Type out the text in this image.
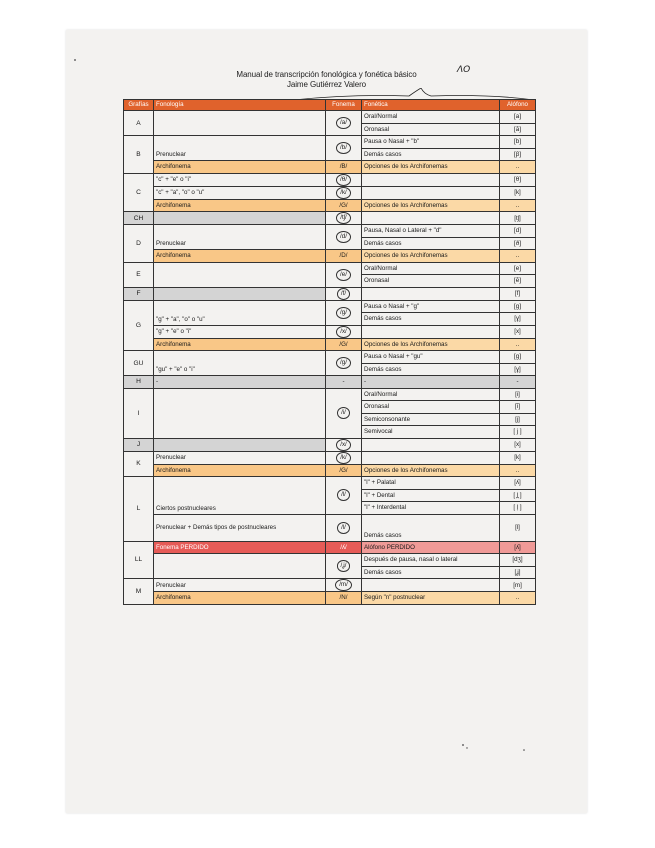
Manual de transcripción fonológica y fonética básico
Jaime Gutiérrez Valero
ΛΟ
Grafías	Fonología	Fonema	Fonética	Alófono
A		/a/	Oral/Normal	[a]
			Oronasal	[ã]
B	Prenuclear	/b/	Pausa o Nasal + "b"	[b]
			Demás casos	[β]
	Archifonema	/B/	Opciones de los Archifonemas	..
C	"c" + "e" o "i"	/θ/		[θ]
	"c" + "a", "o" o "u"	/k/		[k]
	Archifonema	/G/	Opciones de los Archifonemas	..
CH		/tʃ/		[tʃ]
D	Prenuclear	/d/	Pausa, Nasal o Lateral + "d"	[d]
			Demás casos	[ð]
	Archifonema	/D/	Opciones de los Archifonemas	..
E		/e/	Oral/Normal	[e]
			Oronasal	[ẽ]
F		/f/		[f]
G	"g" + "a", "o" o "u"	/g/	Pausa o Nasal + "g"	[g]
			Demás casos	[ɣ]
	"g" + "e" o "i"	/x/		[x]
	Archifonema	/G/	Opciones de los Archifonemas	..
GU	"gu" + "e" o "i"	/g/	Pausa o Nasal + "gu"	[g]
			Demás casos	[ɣ]
H	-	-	-	-
I		/i/	Oral/Normal	[i]
			Oronasal	[ĩ]
			Semiconsonante	[j]
			Semivocal	[ j ]
J		/x/		[x]
K	Prenuclear	/k/		[k]
	Archifonema	/G/	Opciones de los Archifonemas	..
L	Ciertos postnucleares	/l/	"l" + Palatal	[ʎ]
			"l" + Dental	[ l̪ ]
			"l" + Interdental	[ l̟ ]
	Prenuclear + Demás tipos de postnucleares	/l/	Demás casos	[l]
LL	Fonema PERDIDO	/ʎ/	Alófono PERDIDO	[ʎ]
		/ʝ/	Después de pausa, nasal o lateral	[dʒ]
			Demás casos	[ʝ]
M	Prenuclear	/m/		[m]
	Archifonema	/N/	Según "n" postnuclear	..
